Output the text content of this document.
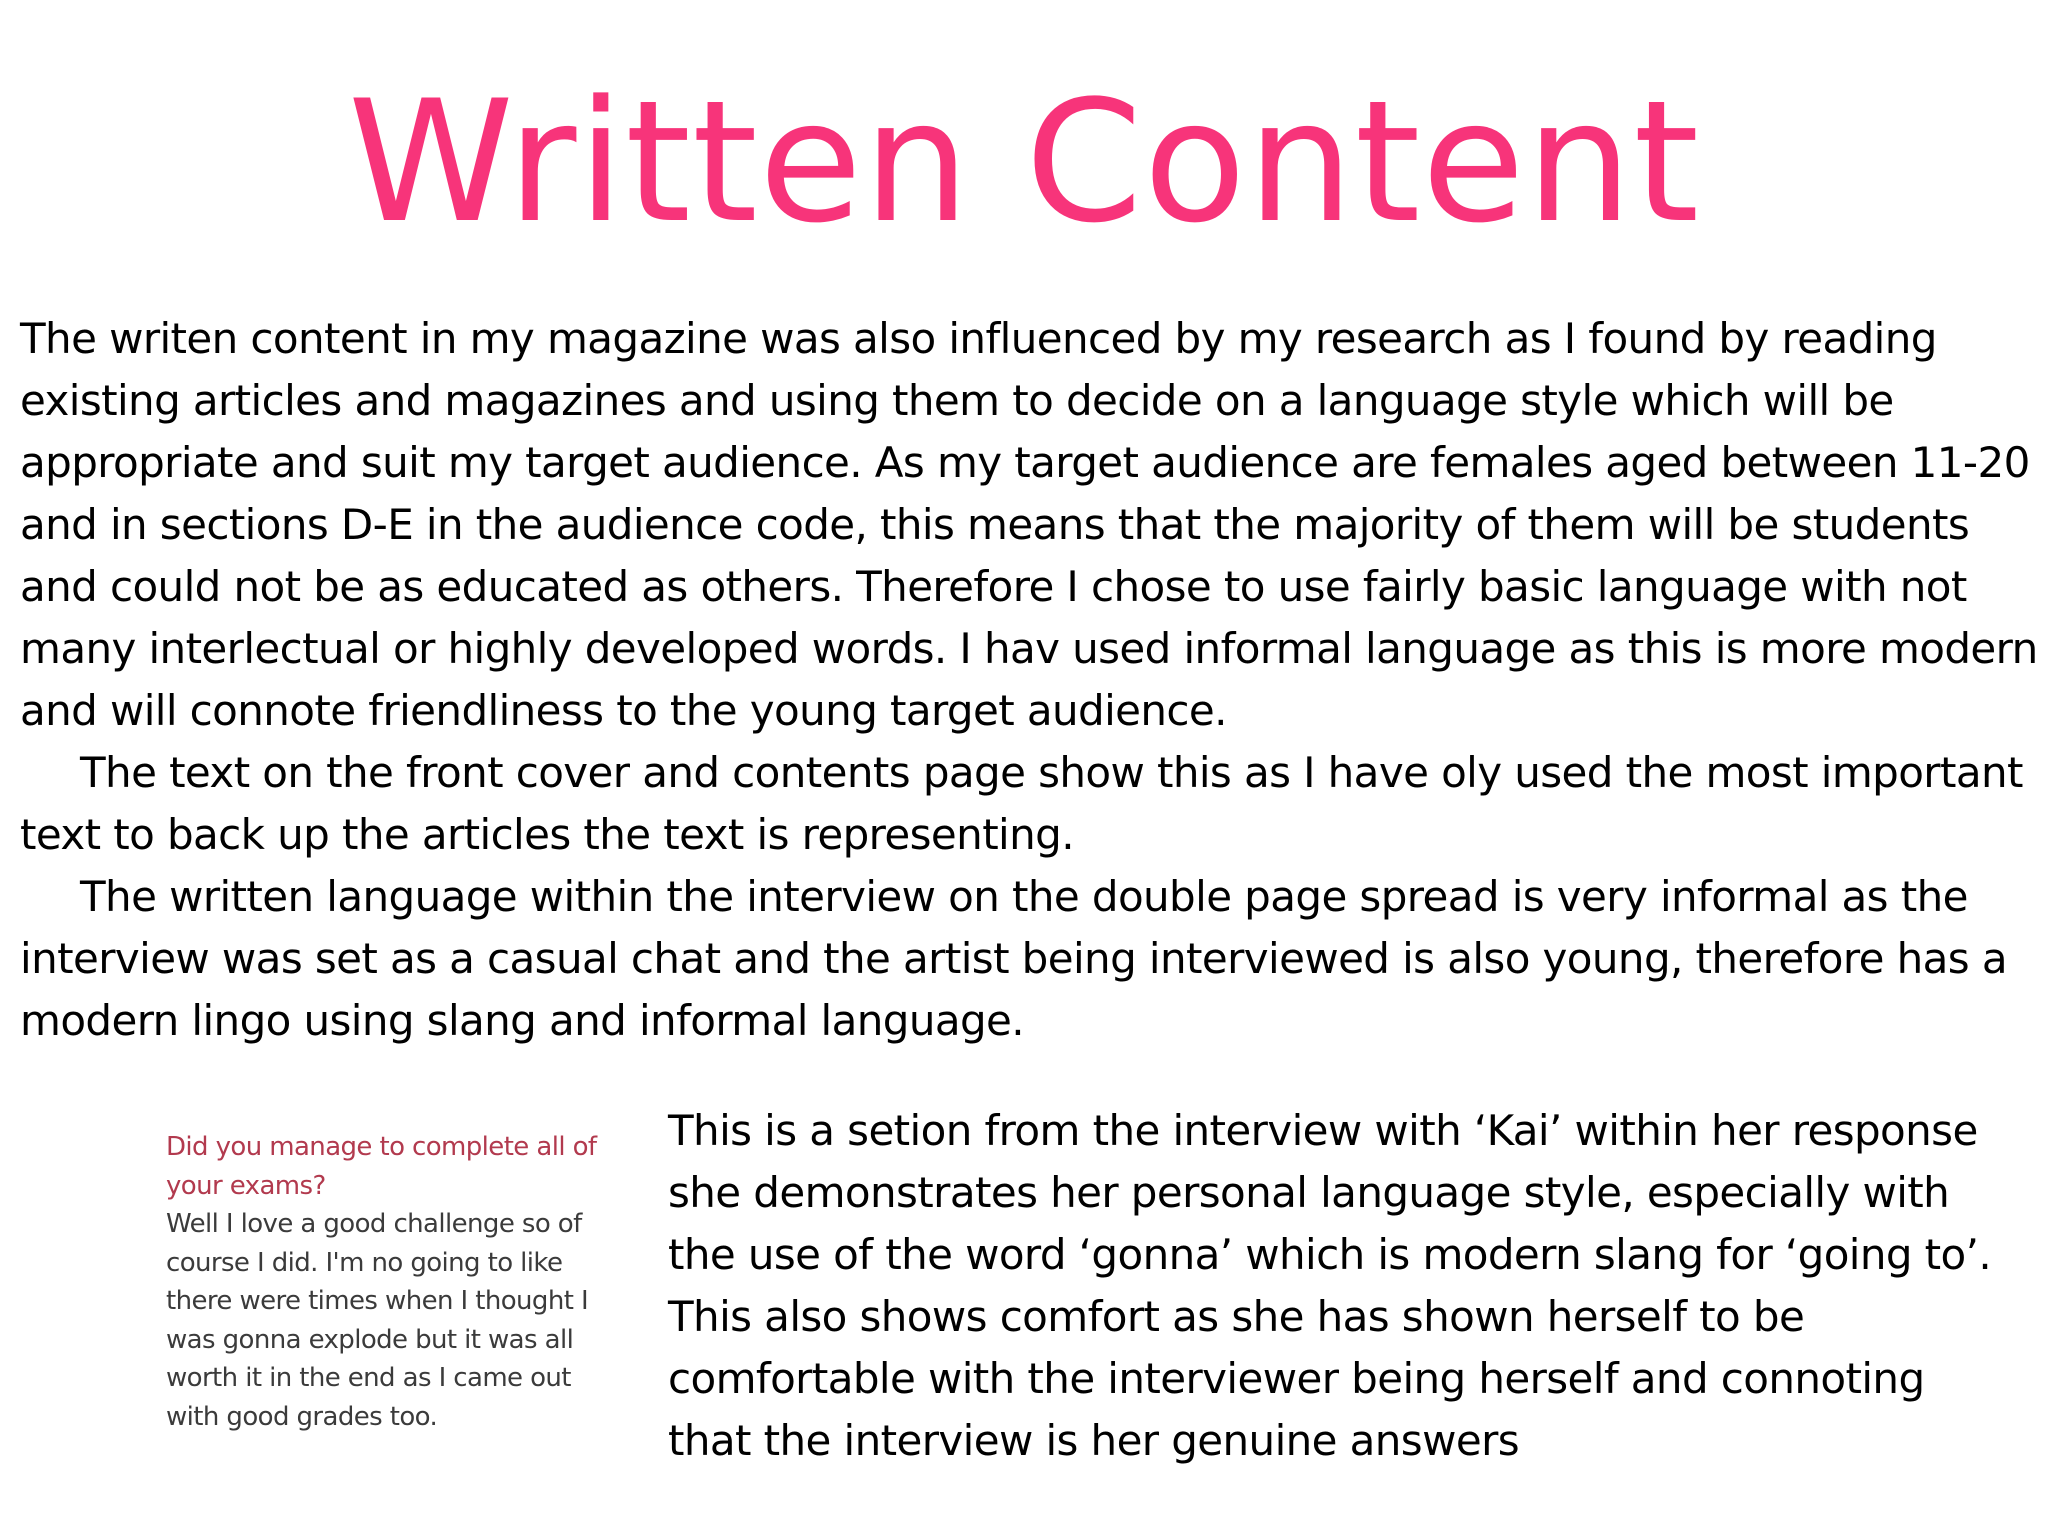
Written Content

The writen content in my magazine was also influenced by my research as I found by reading existing articles and magazines and using them to decide on a language style which will be appropriate and suit my target audience. As my target audience are females aged between 11-20 and in sections D-E in the audience code, this means that the majority of them will be students and could not be as educated as others. Therefore I chose to use fairly basic language with not many interlectual or highly developed words. I hav used informal language as this is more modern and will connote friendliness to the young target audience.

The text on the front cover and contents page show this as I have oly used the most important text to back up the articles the text is representing.

The written language within the interview on the double page spread is very informal as the interview was set as a casual chat and the artist being interviewed is also young, therefore has a modern lingo using slang and informal language.

Did you manage to complete all of your exams?
Well I love a good challenge so of course I did. I'm no going to like there were times when I thought I was gonna explode but it was all worth it in the end as I came out with good grades too.
This is a setion from the interview with ‘Kai’ within her response she demonstrates her personal language style, especially with the use of the word ‘gonna’ which is modern slang for ‘going to’. This also shows comfort as she has shown herself to be comfortable with the interviewer being herself and connoting that the interview is her genuine answers
